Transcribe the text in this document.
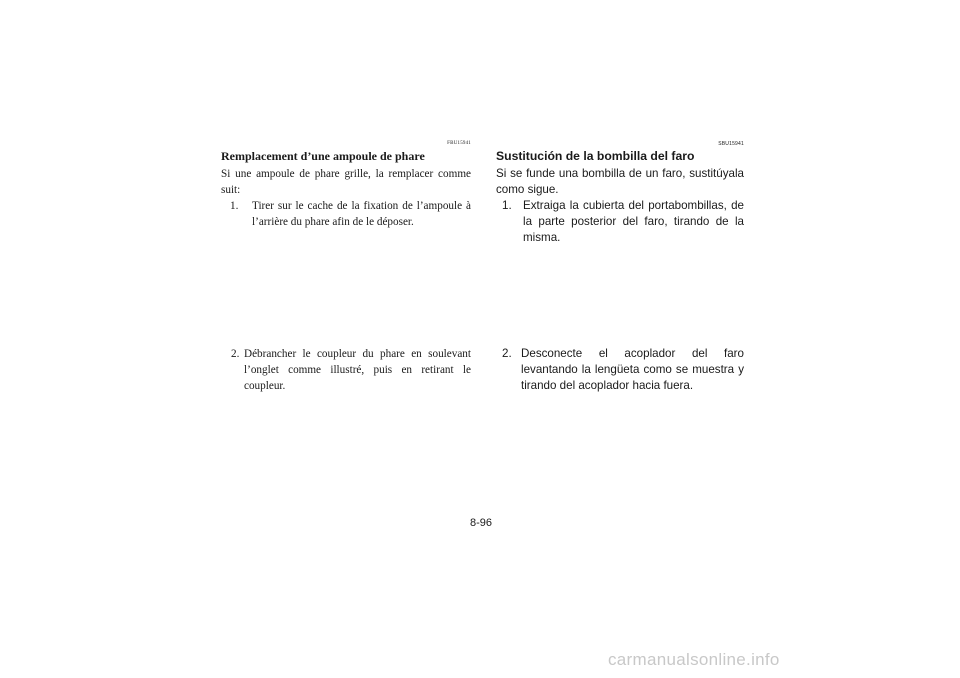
FBU15941
Remplacement d’une ampoule de phare

Si une ampoule de phare grille, la remplacer comme suit:

1.	Tirer sur le cache de la fixation de l’ampoule à l’arrière du phare afin de le déposer.
2. Débrancher le coupleur du phare en soulevant l’onglet comme illustré, puis en retirant le coupleur.
SBU15941
Sustitución de la bombilla del faro

Si se funde una bombilla de un faro, sustitúyala como sigue.

1. Extraiga la cubierta del portabombillas, de la parte posterior del faro, tirando de la misma.
2. Desconecte el acoplador del faro levantando la lengüeta como se muestra y tirando del acoplador hacia fuera.
8-96
carmanualsonline.info
